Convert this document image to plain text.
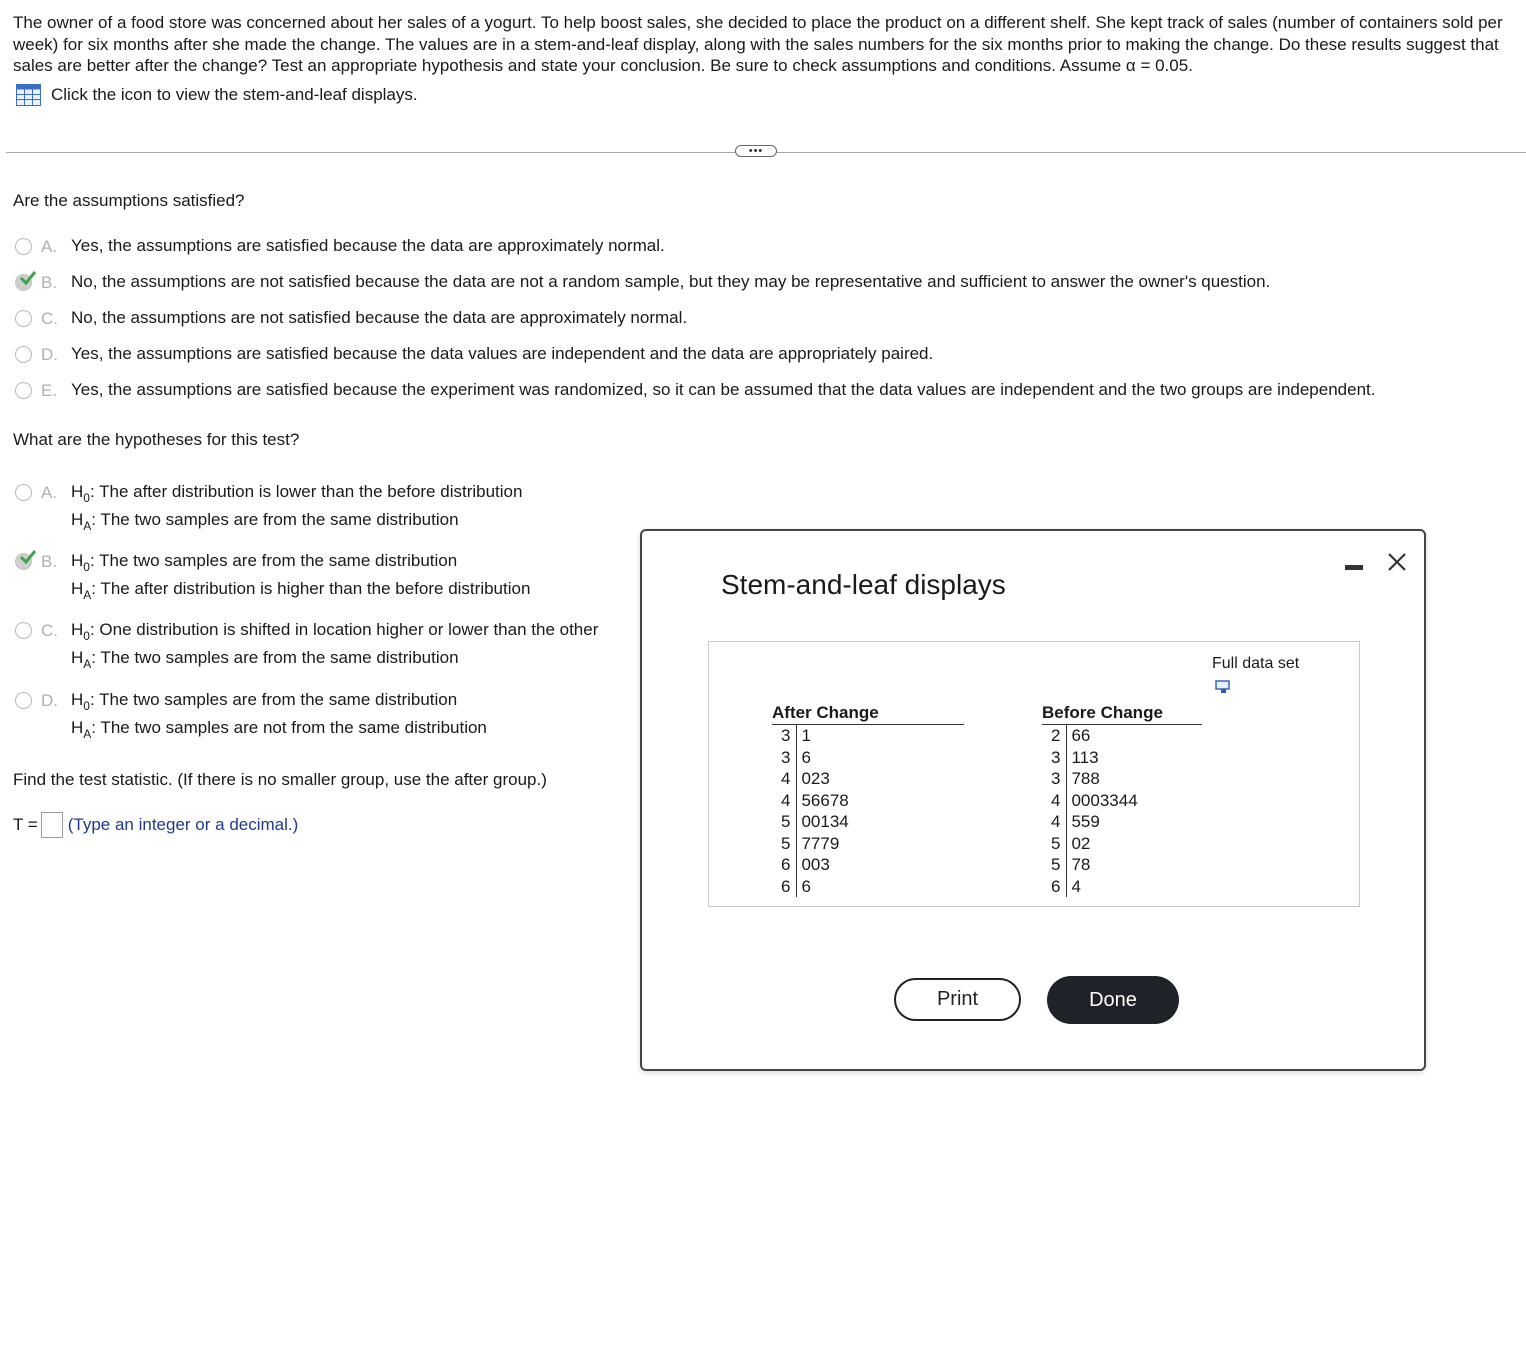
The owner of a food store was concerned about her sales of a yogurt. To help boost sales, she decided to place the product on a different shelf. She kept track of sales (number of containers sold per week) for six months after she made the change. The values are in a stem-and-leaf display, along with the sales numbers for the six months prior to making the change. Do these results suggest that sales are better after the change? Test an appropriate hypothesis and state your conclusion. Be sure to check assumptions and conditions. Assume α = 0.05.
Click the icon to view the stem-and-leaf displays.
•••
Are the assumptions satisfied?
A. Yes, the assumptions are satisfied because the data are approximately normal.
B. No, the assumptions are not satisfied because the data are not a random sample, but they may be representative and sufficient to answer the owner's question.
C. No, the assumptions are not satisfied because the data are approximately normal.
D. Yes, the assumptions are satisfied because the data values are independent and the data are appropriately paired.
E. Yes, the assumptions are satisfied because the experiment was randomized, so it can be assumed that the data values are independent and the two groups are independent.
What are the hypotheses for this test?
A. $H_0$: The after distribution is lower than the before distribution
$H_A$: The two samples are from the same distribution
B. $H_0$: The two samples are from the same distribution
$H_A$: The after distribution is higher than the before distribution
C. $H_0$: One distribution is shifted in location higher or lower than the other
$H_A$: The two samples are from the same distribution
D. $H_0$: The two samples are from the same distribution
$H_A$: The two samples are not from the same distribution
Find the test statistic. (If there is no smaller group, use the after group.)
T = (Type an integer or a decimal.)
Stem-and-leaf displays
Full data set
After Change
3
3
4
4
5
5
6
6
1
6
023
56678
00134
7779
003
6
Before Change
2
3
3
4
4
5
5
6
66
113
788
0003344
559
02
78
4
Print	Done
